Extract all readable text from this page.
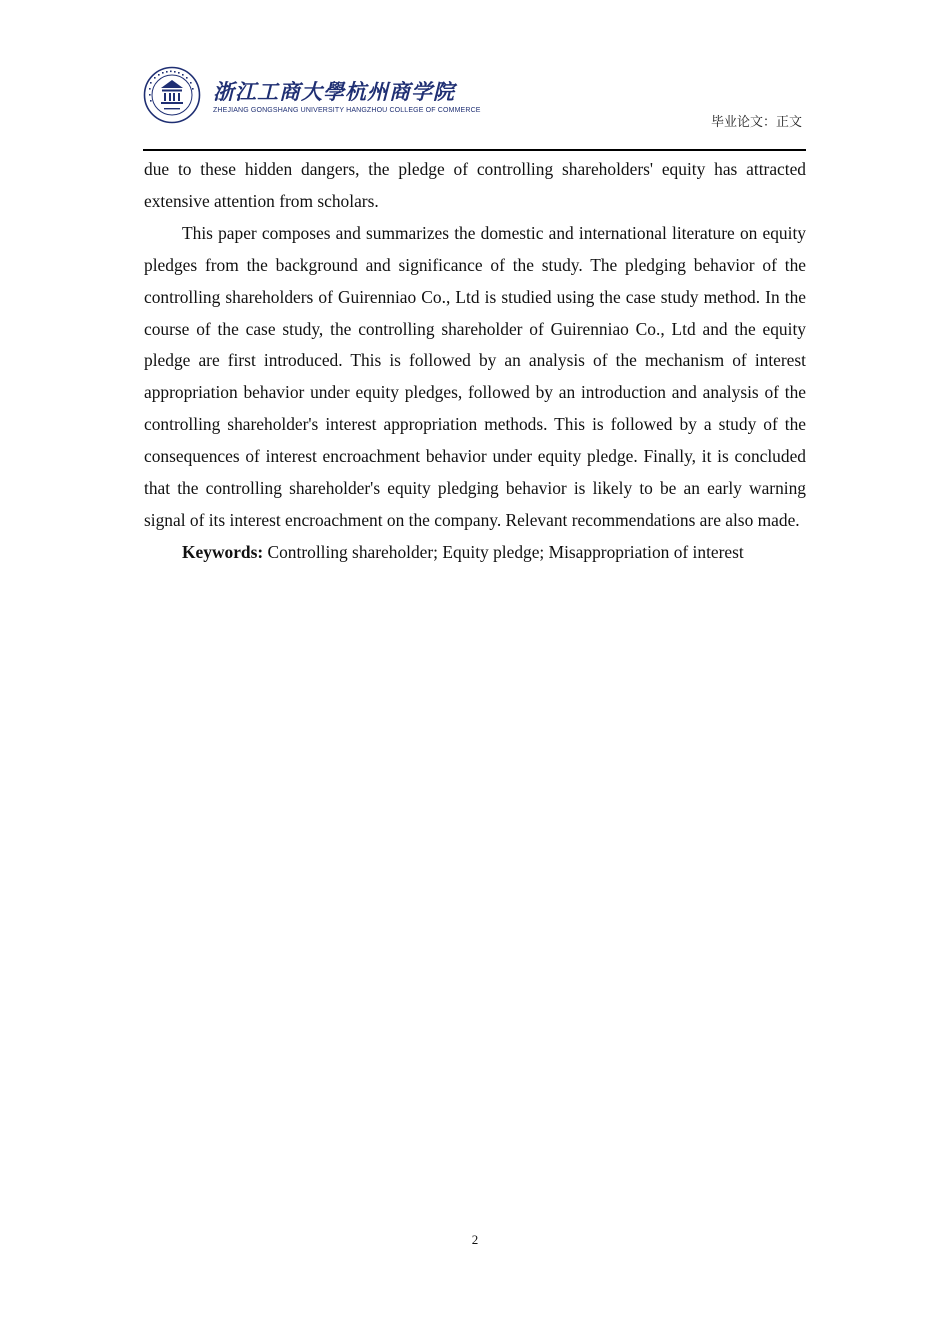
浙江工商大學杭州商学院
ZHEJIANG GONGSHANG UNIVERSITY HANGZHOU COLLEGE OF COMMERCE
毕业论文：正文

due to these hidden dangers, the pledge of controlling shareholders' equity has attracted extensive attention from scholars.

This paper composes and summarizes the domestic and international literature on equity pledges from the background and significance of the study. The pledging behavior of the controlling shareholders of Guirenniao Co., Ltd is studied using the case study method. In the course of the case study, the controlling shareholder of Guirenniao Co., Ltd and the equity pledge are first introduced. This is followed by an analysis of the mechanism of interest appropriation behavior under equity pledges, followed by an introduction and analysis of the controlling shareholder's interest appropriation methods. This is followed by a study of the consequences of interest encroachment behavior under equity pledge. Finally, it is concluded that the controlling shareholder's equity pledging behavior is likely to be an early warning signal of its interest encroachment on the company. Relevant recommendations are also made.

Keywords: Controlling shareholder; Equity pledge; Misappropriation of interest

2
